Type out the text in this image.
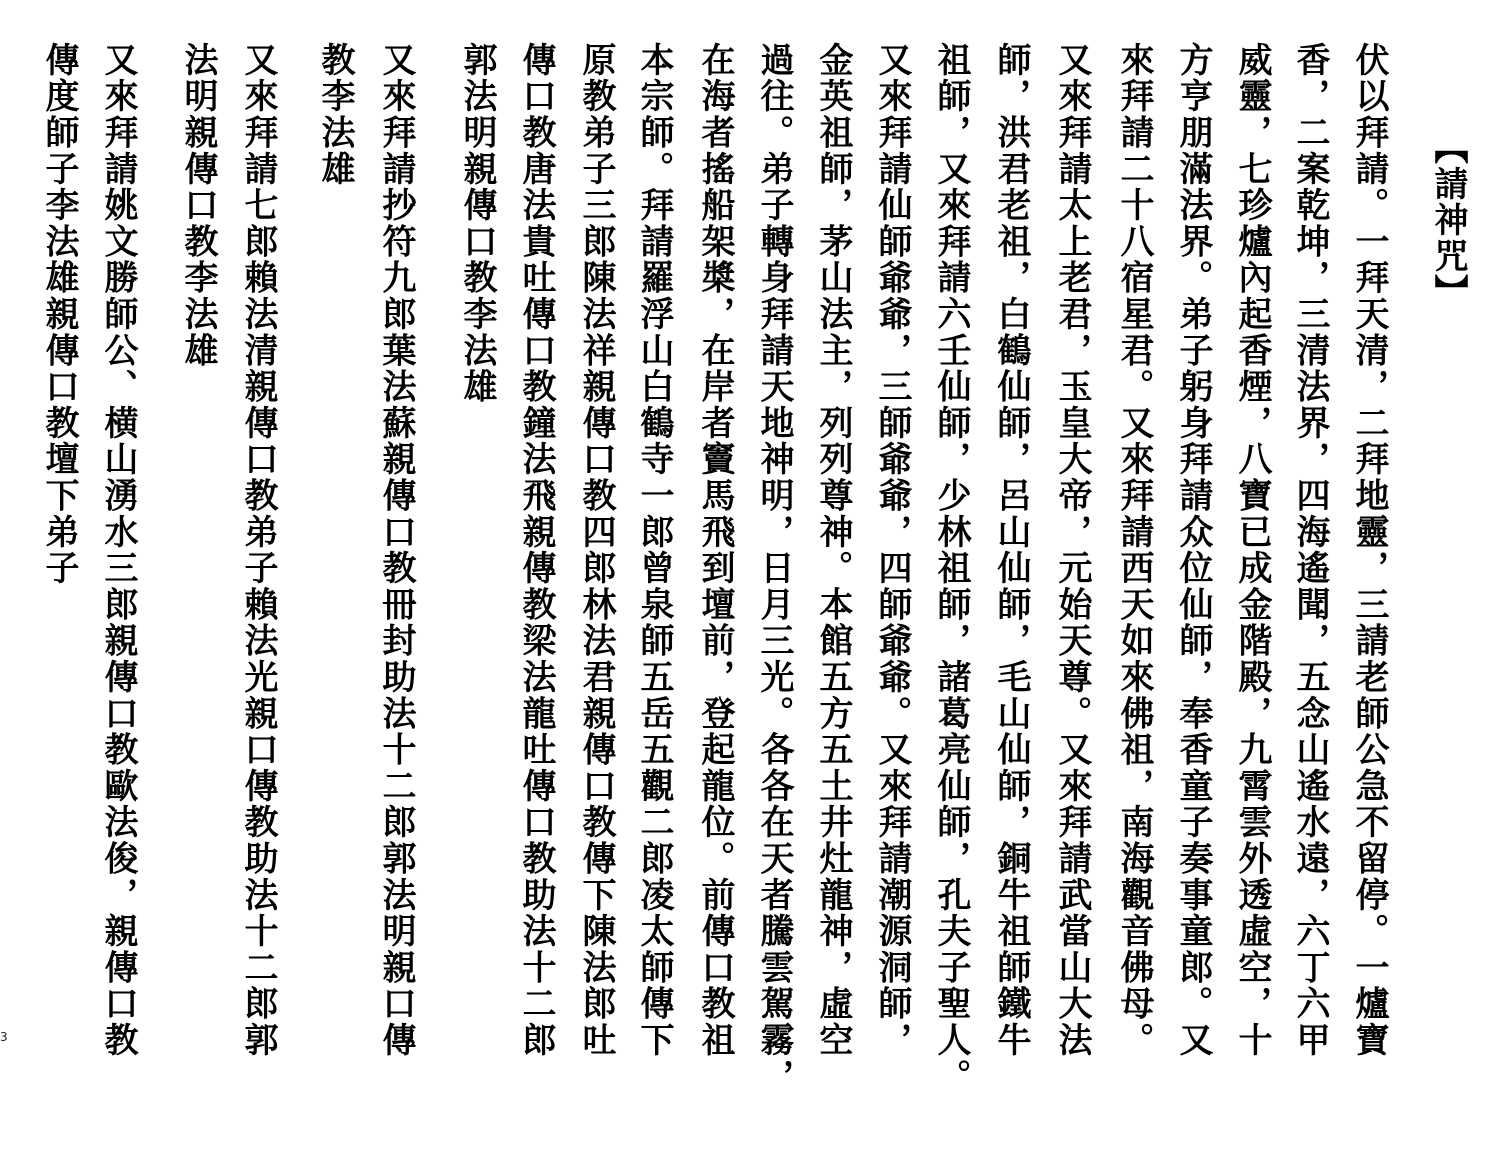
【請神咒】
伏以拜請。一拜天清，二拜地靈，三請老師公急不留停。一爐寶
香，二案乾坤，三清法界，四海遙聞，五念山遙水遠，六丁六甲
威靈，七珍爐內起香煙，八寶已成金階殿，九霄雲外透虛空，十
方亨朋滿法界。弟子躬身拜請众位仙師，奉香童子奏事童郎。又
來拜請二十八宿星君。又來拜請西天如來佛祖，南海觀音佛母。
又來拜請太上老君，玉皇大帝，元始天尊。又來拜請武當山大法
師，洪君老祖，白鶴仙師，呂山仙師，毛山仙師，銅牛祖師鐵牛
祖師，又來拜請六壬仙師，少林祖師，諸葛亮仙師，孔夫子聖人。
又來拜請仙師爺爺，三師爺爺，四師爺爺。又來拜請潮源洞師，
金英祖師，茅山法主，列列尊神。本館五方五土井灶龍神，虛空
過往。弟子轉身拜請天地神明，日月三光。各各在天者騰雲駕霧，
在海者搖船架槳，在岸者竇馬飛到壇前，登起龍位。前傳口教祖
本宗師。拜請羅浮山白鶴寺一郎曾泉師五岳五觀二郎凌太師傳下
原教弟子三郎陳法祥親傳口教四郎林法君親傳口教傳下陳法郎吐
傳口教唐法貴吐傳口教鐘法飛親傳教梁法龍吐傳口教助法十二郎
郭法明親傳口教李法雄
又來拜請抄符九郎葉法蘇親傳口教冊封助法十二郎郭法明親口傳
教李法雄
又來拜請七郎賴法清親傳口教弟子賴法光親口傳教助法十二郎郭
法明親傳口教李法雄
又來拜請姚文勝師公、横山湧水三郎親傳口教歐法俊，親傳口教
傳度師子李法雄親傳口教壇下弟子
3
